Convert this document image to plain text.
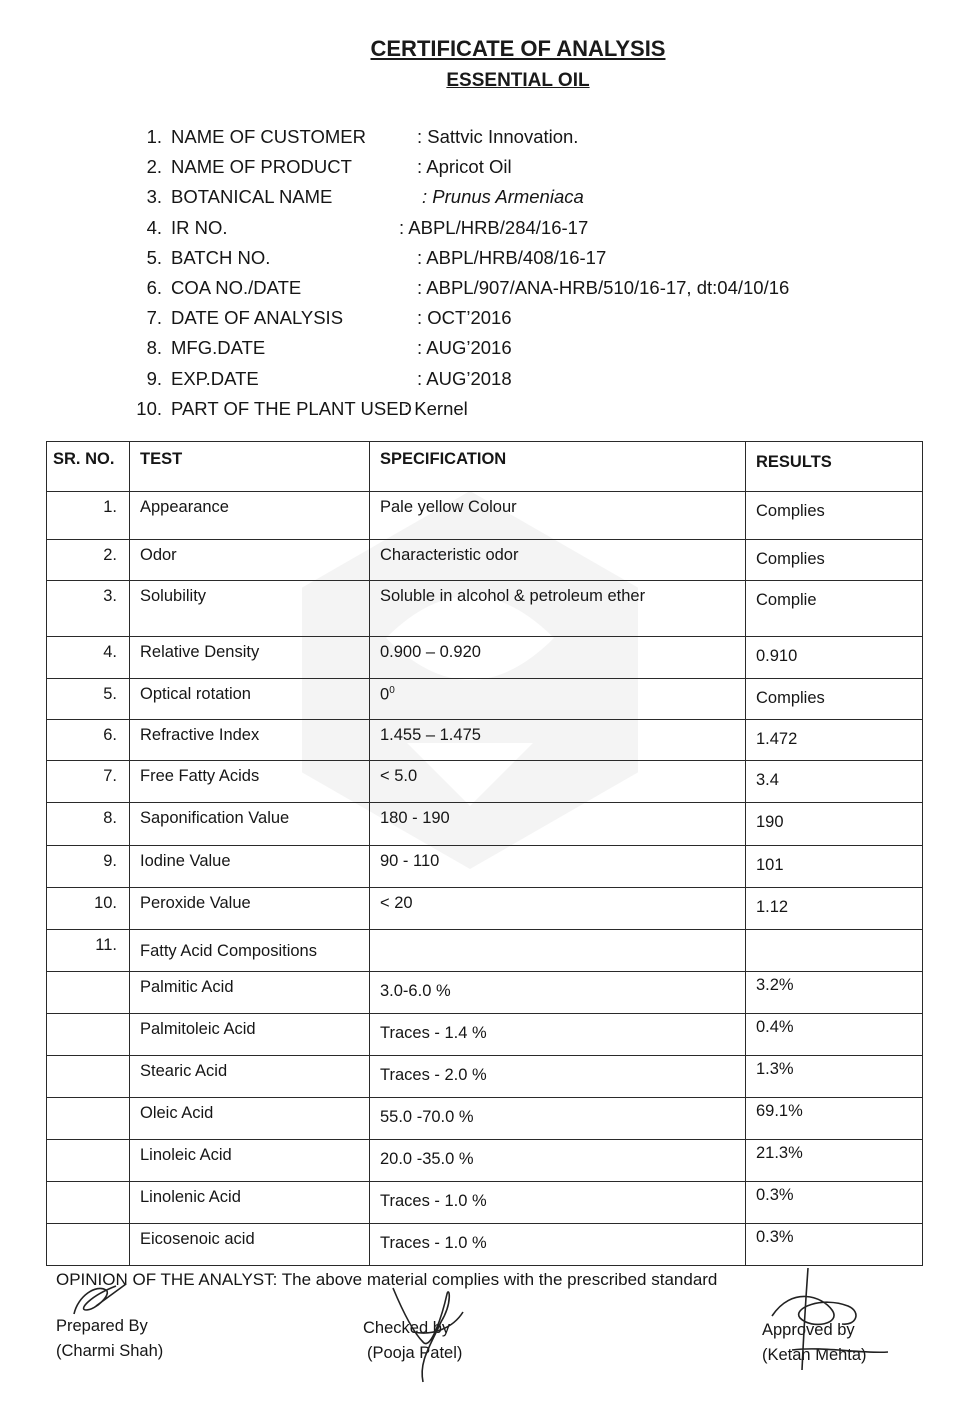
CERTIFICATE OF ANALYSIS
ESSENTIAL OIL
1. NAME OF CUSTOMER	: Sattvic Innovation.
2. NAME OF PRODUCT	: Apricot Oil
3. BOTANICAL NAME	: Prunus Armeniaca
4. IR NO.	: ABPL/HRB/284/16-17
5. BATCH NO.	: ABPL/HRB/408/16-17
6. COA NO./DATE	: ABPL/907/ANA-HRB/510/16-17, dt:04/10/16
7. DATE OF ANALYSIS	: OCT’2016
8. MFG.DATE	: AUG’2016
9. EXP.DATE	: AUG’2018
10. PART OF THE PLANT USED
: Kernel
SR. NO.	TEST	SPECIFICATION	RESULTS
1.	Appearance	Pale yellow Colour	Complies
2.	Odor	Characteristic odor	Complies
3.	Solubility	Soluble in alcohol & petroleum ether	Complie
4.	Relative Density	0.900 – 0.920	0.910
5.	Optical rotation	$0^0$	Complies
6.	Refractive Index	1.455 – 1.475	1.472
7.	Free Fatty Acids	< 5.0	3.4
8.	Saponification Value	180 - 190	190
9.	Iodine Value	90 - 110	101
10.	Peroxide Value	< 20	1.12
11.	Fatty Acid Compositions		
	Palmitic Acid	3.0-6.0 %	3.2%
	Palmitoleic Acid	Traces - 1.4 %	0.4%
	Stearic Acid	Traces - 2.0 %	1.3%
	Oleic Acid	55.0 -70.0 %	69.1%
	Linoleic Acid	20.0 -35.0 %	21.3%
	Linolenic Acid	Traces - 1.0 %	0.3%
	Eicosenoic acid	Traces - 1.0 %	0.3%
OPINION OF THE ANALYST: The above material complies with the prescribed standard
Prepared By
(Charmi Shah)
Checked by
(Pooja Patel)
Approved by
(Ketan Mehta)
